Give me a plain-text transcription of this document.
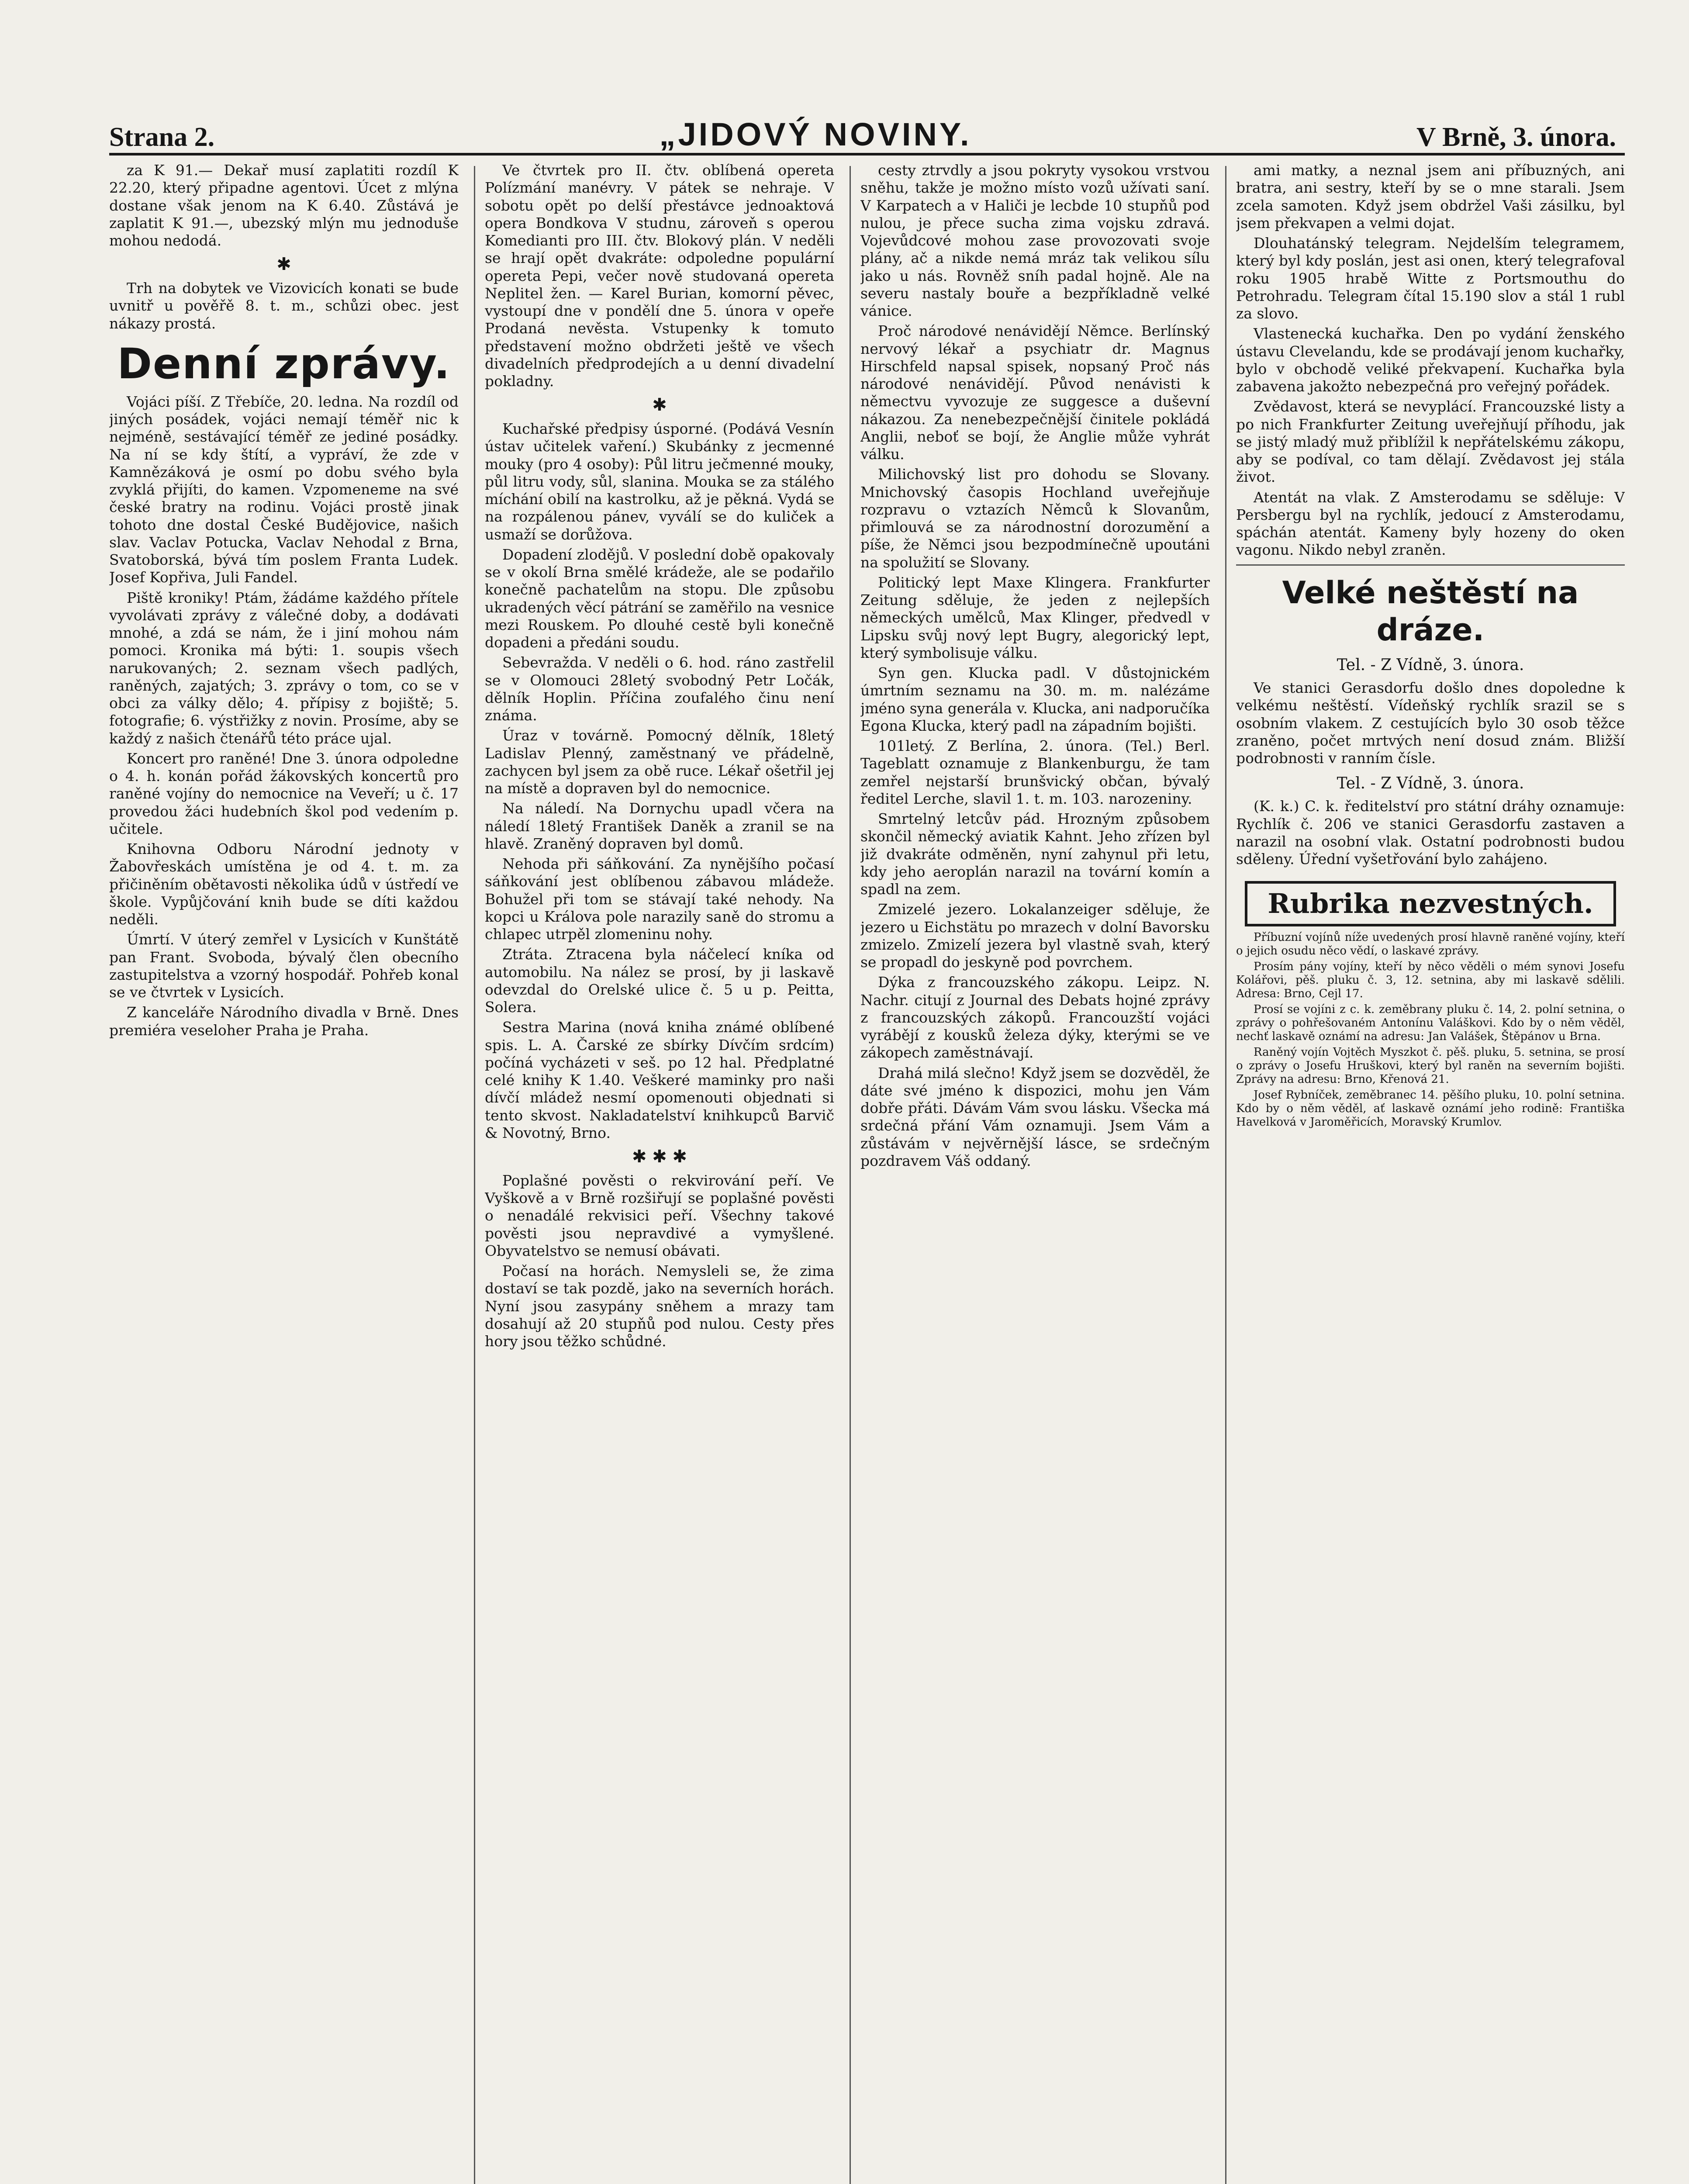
Strana 2.	„JIDOVÝ NOVINY.	V Brně, 3. února.

za K 91.— Dekař musí zaplatiti rozdíl K 22.20, který připadne agentovi. Úcet z mlýna dostane však jenom na K 6.40. Zůstává je zaplatit K 91.—, ubezský mlýn mu jednoduše mohou nedodá.

✱

Trh na dobytek ve Vizovicích konati se bude uvnitř u pověřě 8. t. m., schůzi obec. jest nákazy prostá.

Denní zprávy.

Vojáci píší. Z Třebíče, 20. ledna. Na rozdíl od jiných posádek, vojáci nemají téměř nic k nejméně, sestávající téměř ze jediné posádky. Na ní se kdy štítí, a vypráví, že zde v Kamnězáková je osmí po dobu svého byla zvyklá přijíti, do kamen. Vzpomeneme na své české bratry na rodinu. Vojáci prostě jinak tohoto dne dostal České Budějovice, našich slav. Vaclav Potucka, Vaclav Nehodal z Brna, Svatoborská, bývá tím poslem Franta Ludek. Josef Kopřiva, Juli Fandel.

Piště kroniky! Ptám, žádáme každého přítele vyvolávati zprávy z válečné doby, a dodávati mnohé, a zdá se nám, že i jiní mohou nám pomoci. Kronika má býti: 1. soupis všech narukovaných; 2. seznam všech padlých, raněných, zajatých; 3. zprávy o tom, co se v obci za války dělo; 4. přípisy z bojiště; 5. fotografie; 6. výstřižky z novin. Prosíme, aby se každý z našich čtenářů této práce ujal.

Koncert pro raněné! Dne 3. února odpoledne o 4. h. konán pořád žákovských koncertů pro raněné vojíny do nemocnice na Veveří; u č. 17 provedou žáci hudebních škol pod vedením p. učitele.

Knihovna Odboru Národní jednoty v Žabovřeskách umístěna je od 4. t. m. za přičiněním obětavosti několika údů v ústředí ve škole. Vypůjčování knih bude se díti každou neděli.

Úmrtí. V úterý zemřel v Lysicích v Kunštátě pan Frant. Svoboda, bývalý člen obecního zastupitelstva a vzorný hospodář. Pohřeb konal se ve čtvrtek v Lysicích.

Z kanceláře Národního divadla v Brně. Dnes premiéra veseloher Praha je Praha.

Ve čtvrtek pro II. čtv. oblíbená opereta Polízmání manévry. V pátek se nehraje. V sobotu opět po delší přestávce jednoaktová opera Bondkova V studnu, zároveň s operou Komedianti pro III. čtv. Blokový plán. V neděli se hrají opět dvakráte: odpoledne populární opereta Pepi, večer nově studovaná opereta Neplitel žen. — Karel Burian, komorní pěvec, vystoupí dne v pondělí dne 5. února v opeře Prodaná nevěsta. Vstupenky k tomuto představení možno obdržeti ještě ve všech divadelních předprodejích a u denní divadelní pokladny.

✱

Kuchařské předpisy úsporné. (Podává Vesnín ústav učitelek vaření.) Skubánky z jecmenné mouky (pro 4 osoby): Půl litru ječmenné mouky, půl litru vody, sůl, slanina. Mouka se za stálého míchání obilí na kastrolku, až je pěkná. Vydá se na rozpálenou pánev, vyválí se do kuliček a usmaží se dorůžova.

Dopadení zlodějů. V poslední době opakovaly se v okolí Brna smělé krádeže, ale se podařilo konečně pachatelům na stopu. Dle způsobu ukradených věcí pátrání se zaměřilo na vesnice mezi Rouskem. Po dlouhé cestě byli konečně dopadeni a předáni soudu.

Sebevražda. V neděli o 6. hod. ráno zastřelil se v Olomouci 28letý svobodný Petr Ločák, dělník Hoplin. Příčina zoufalého činu není známa.

Úraz v továrně. Pomocný dělník, 18letý Ladislav Plenný, zaměstnaný ve přádelně, zachycen byl jsem za obě ruce. Lékař ošetřil jej na místě a dopraven byl do nemocnice.

Na náledí. Na Dornychu upadl včera na náledí 18letý František Daněk a zranil se na hlavě. Zraněný dopraven byl domů.

Nehoda při sáňkování. Za nynějšího počasí sáňkování jest oblíbenou zábavou mládeže. Bohužel při tom se stávají také nehody. Na kopci u Králova pole narazily saně do stromu a chlapec utrpěl zlomeninu nohy.

Ztráta. Ztracena byla náčelecí kníka od automobilu. Na nález se prosí, by ji laskavě odevzdal do Orelské ulice č. 5 u p. Peitta, Solera.

Sestra Marina (nová kniha známé oblíbené spis. L. A. Čarské ze sbírky Dívčím srdcím) počíná vycházeti v seš. po 12 hal. Předplatné celé knihy K 1.40. Veškeré maminky pro naši dívčí mládež nesmí opomenouti objednati si tento skvost. Nakladatelství knihkupců Barvič & Novotný, Brno.

✱ ✱ ✱

Poplašné pověsti o rekvirování peří. Ve Vyškově a v Brně rozšiřují se poplašné pověsti o nenadálé rekvisici peří. Všechny takové pověsti jsou nepravdivé a vymyšlené. Obyvatelstvo se nemusí obávati.

Počasí na horách. Nemysleli se, že zima dostaví se tak pozdě, jako na severních horách. Nyní jsou zasypány sněhem a mrazy tam dosahují až 20 stupňů pod nulou. Cesty přes hory jsou těžko schůdné.

cesty ztrvdly a jsou pokryty vysokou vrstvou sněhu, takže je možno místo vozů užívati saní. V Karpatech a v Haliči je lecbde 10 stupňů pod nulou, je přece sucha zima vojsku zdravá. Vojevůdcové mohou zase provozovati svoje plány, ač a nikde nemá mráz tak velikou sílu jako u nás. Rovněž sníh padal hojně. Ale na severu nastaly bouře a bezpříkladně velké vánice.

Proč národové nenávidějí Němce. Berlínský nervový lékař a psychiatr dr. Magnus Hirschfeld napsal spisek, nopsaný Proč nás národové nenávidějí. Původ nenávisti k němectvu vyvozuje ze suggesce a duševní nákazou. Za nenebezpečnější činitele pokládá Anglii, neboť se bojí, že Anglie může vyhrát válku.

Milichovský list pro dohodu se Slovany. Mnichovský časopis Hochland uveřejňuje rozpravu o vztazích Němců k Slovanům, přimlouvá se za národnostní dorozumění a píše, že Němci jsou bezpodmínečně upoutáni na spolužití se Slovany.

Politický lept Maxe Klingera. Frankfurter Zeitung sděluje, že jeden z nejlepších německých umělců, Max Klinger, předvedl v Lipsku svůj nový lept Bugry, alegorický lept, který symbolisuje válku.

Syn gen. Klucka padl. V důstojnickém úmrtním seznamu na 30. m. m. nalézáme jméno syna generála v. Klucka, ani nadporučíka Egona Klucka, který padl na západním bojišti.

101letý. Z Berlína, 2. února. (Tel.) Berl. Tageblatt oznamuje z Blankenburgu, že tam zemřel nejstarší brunšvický občan, bývalý ředitel Lerche, slavil 1. t. m. 103. narozeniny.

Smrtelný letcův pád. Hrozným způsobem skončil německý aviatik Kahnt. Jeho zřízen byl již dvakráte odměněn, nyní zahynul při letu, kdy jeho aeroplán narazil na tovární komín a spadl na zem.

Zmizelé jezero. Lokalanzeiger sděluje, že jezero u Eichstätu po mrazech v dolní Bavorsku zmizelo. Zmizelí jezera byl vlastně svah, který se propadl do jeskyně pod povrchem.

Dýka z francouzského zákopu. Leipz. N. Nachr. citují z Journal des Debats hojné zprávy z francouzských zákopů. Francouzští vojáci vyrábějí z kousků železa dýky, kterými se ve zákopech zaměstnávají.

Drahá milá slečno! Když jsem se dozvěděl, že dáte své jméno k dispozici, mohu jen Vám dobře přáti. Dávám Vám svou lásku. Všecka má srdečná přání Vám oznamuji. Jsem Vám a zůstávám v nejvěrnější lásce, se srdečným pozdravem Váš oddaný.

ami matky, a neznal jsem ani příbuzných, ani bratra, ani sestry, kteří by se o mne starali. Jsem zcela samoten. Když jsem obdržel Vaši zásilku, byl jsem překvapen a velmi dojat.

Dlouhatánský telegram. Nejdelším telegramem, který byl kdy poslán, jest asi onen, který telegrafoval roku 1905 hrabě Witte z Portsmouthu do Petrohradu. Telegram čítal 15.190 slov a stál 1 rubl za slovo.

Vlastenecká kuchařka. Den po vydání ženského ústavu Clevelandu, kde se prodávají jenom kuchařky, bylo v obchodě veliké překvapení. Kuchařka byla zabavena jakožto nebezpečná pro veřejný pořádek.

Zvědavost, která se nevyplácí. Francouzské listy a po nich Frankfurter Zeitung uveřejňují příhodu, jak se jistý mladý muž přiblížil k nepřátelskému zákopu, aby se podíval, co tam dělají. Zvědavost jej stála život.

Atentát na vlak. Z Amsterodamu se sděluje: V Persbergu byl na rychlík, jedoucí z Amsterodamu, spáchán atentát. Kameny byly hozeny do oken vagonu. Nikdo nebyl zraněn.

Velké neštěstí na dráze.
Tel. - Z Vídně, 3. února.

Ve stanici Gerasdorfu došlo dnes dopoledne k velkému neštěstí. Vídeňský rychlík srazil se s osobním vlakem. Z cestujících bylo 30 osob těžce zraněno, počet mrtvých není dosud znám. Bližší podrobnosti v ranním čísle.

Tel. - Z Vídně, 3. února.

(K. k.) C. k. ředitelství pro státní dráhy oznamuje: Rychlík č. 206 ve stanici Gerasdorfu zastaven a narazil na osobní vlak. Ostatní podrobnosti budou sděleny. Úřední vyšetřování bylo zahájeno.

Rubrika nezvestných.

Příbuzní vojínů níže uvedených prosí hlavně raněné vojíny, kteří o jejich osudu něco vědí, o laskavé zprávy.

Prosím pány vojíny, kteří by něco věděli o mém synovi Josefu Kolářovi, pěš. pluku č. 3, 12. setnina, aby mi laskavě sdělili. Adresa: Brno, Cejl 17.

Prosí se vojíni z c. k. zeměbrany pluku č. 14, 2. polní setnina, o zprávy o pohřešovaném Antonínu Valáškovi. Kdo by o něm věděl, nechť laskavě oznámí na adresu: Jan Valášek, Štěpánov u Brna.

Raněný vojín Vojtěch Myszkot č. pěš. pluku, 5. setnina, se prosí o zprávy o Josefu Hruškovi, který byl raněn na severním bojišti. Zprávy na adresu: Brno, Křenová 21.

Josef Rybníček, zeměbranec 14. pěšího pluku, 10. polní setnina. Kdo by o něm věděl, ať laskavě oznámí jeho rodině: Františka Havelková v Jaroměřicích, Moravský Krumlov.
